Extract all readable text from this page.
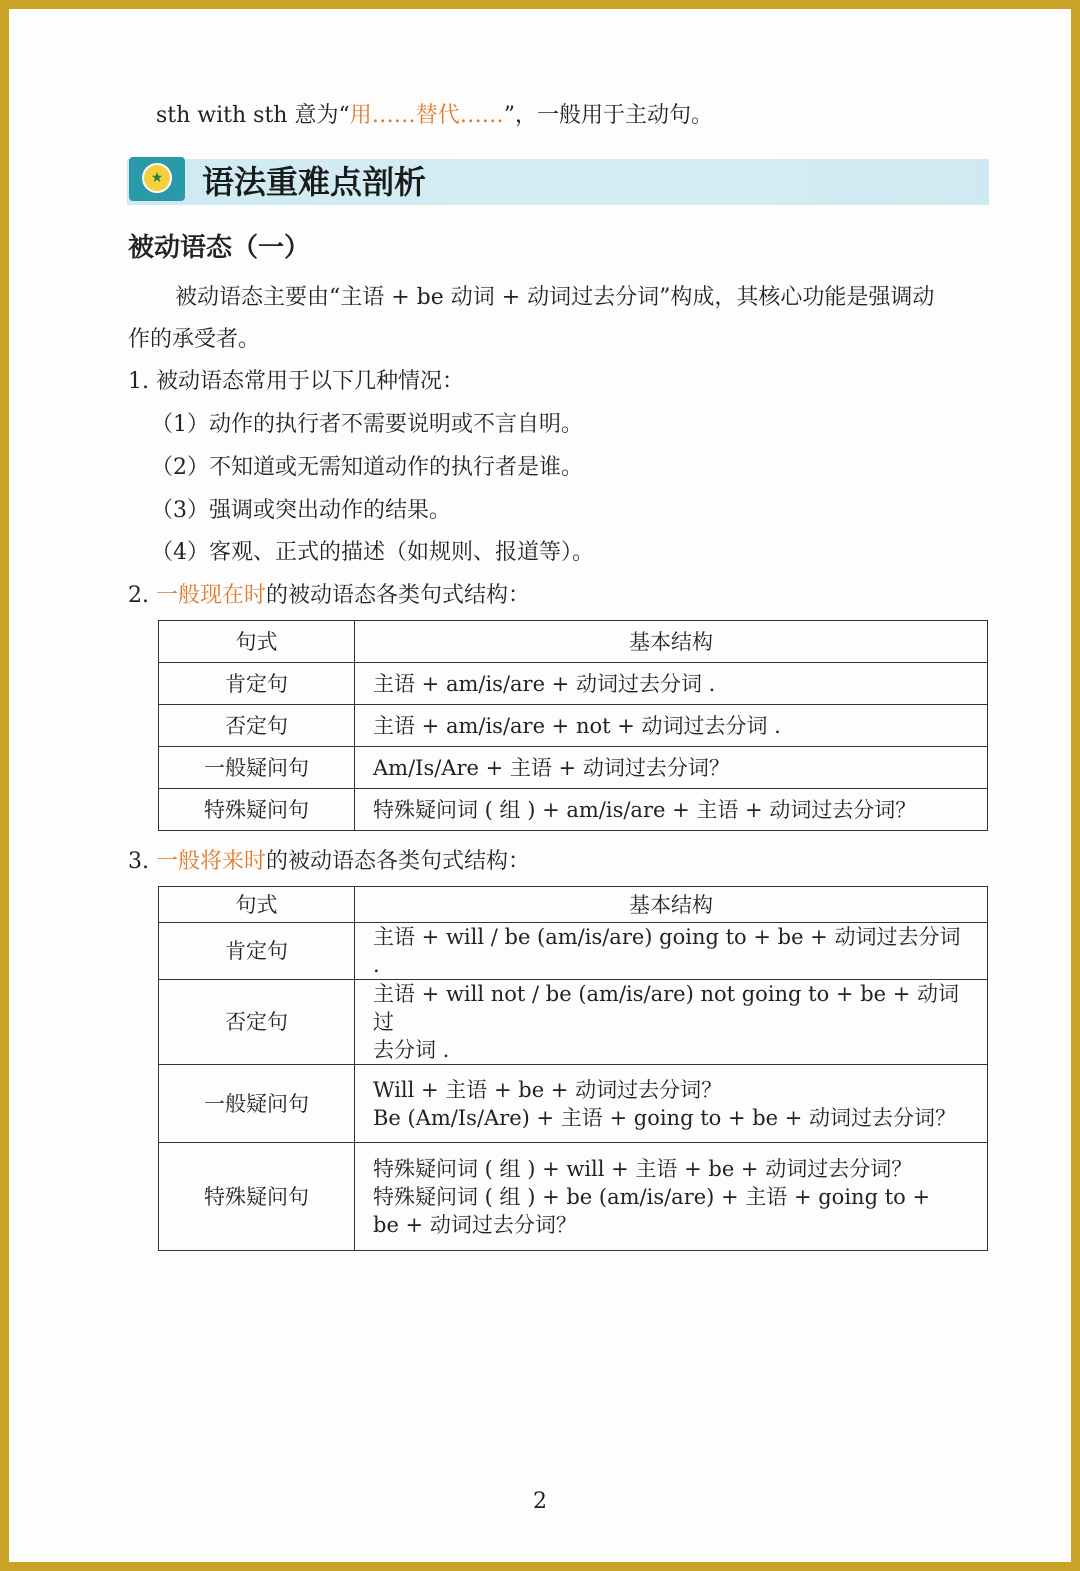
sth with sth 意为“用……替代……”，一般用于主动句。
★ 语法重难点剖析
被动语态（一）
被动语态主要由“主语 + be 动词 + 动词过去分词”构成，其核心功能是强调动
作的承受者。
1. 被动语态常用于以下几种情况：
（1）动作的执行者不需要说明或不言自明。
（2）不知道或无需知道动作的执行者是谁。
（3）强调或突出动作的结果。
（4）客观、正式的描述（如规则、报道等）。
2. 一般现在时的被动语态各类句式结构：
句式	基本结构
肯定句	主语 + am/is/are + 动词过去分词 .
否定句	主语 + am/is/are + not + 动词过去分词 .
一般疑问句	Am/Is/Are + 主语 + 动词过去分词？
特殊疑问句	特殊疑问词 ( 组 ) + am/is/are + 主语 + 动词过去分词？
3. 一般将来时的被动语态各类句式结构：
句式	基本结构
肯定句	主语 + will / be (am/is/are) going to + be + 动词过去分词 .
否定句	主语 + will not / be (am/is/are) not going to + be + 动词过
去分词 .

一般疑问句	Will + 主语 + be + 动词过去分词？
Be (Am/Is/Are) + 主语 + going to + be + 动词过去分词？

特殊疑问句	特殊疑问词 ( 组 ) + will + 主语 + be + 动词过去分词？
特殊疑问词 ( 组 ) + be (am/is/are) + 主语 + going to +
be + 动词过去分词？
2
